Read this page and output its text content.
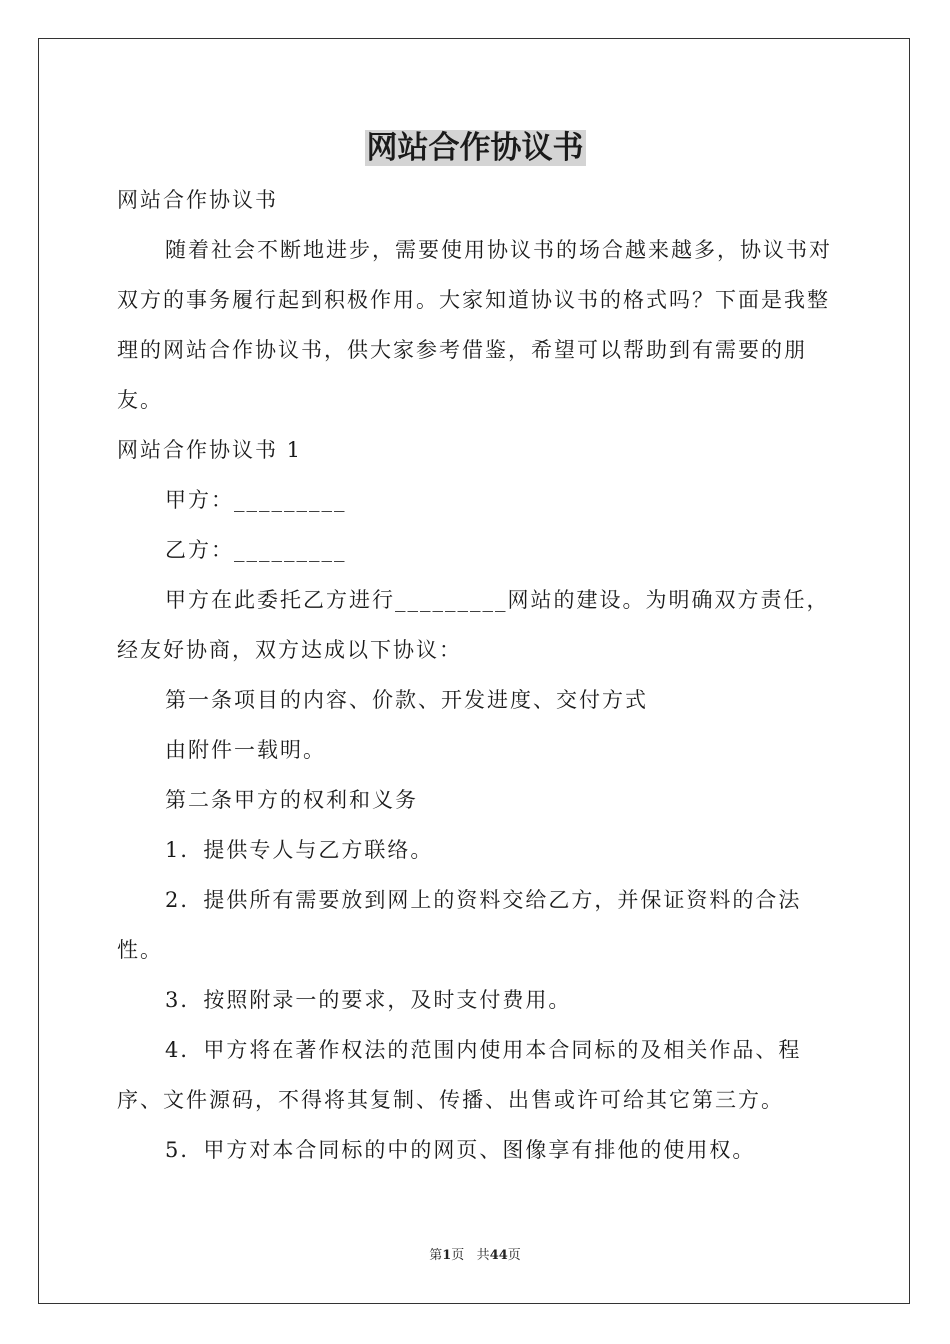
网站合作协议书

网站合作协议书

随着社会不断地进步，需要使用协议书的场合越来越多，协议书对双方的事务履行起到积极作用。大家知道协议书的格式吗？下面是我整理的网站合作协议书，供大家参考借鉴，希望可以帮助到有需要的朋友。

网站合作协议书 1

甲方：_________

乙方：_________

甲方在此委托乙方进行_________网站的建设。为明确双方责任，经友好协商，双方达成以下协议：

第一条项目的内容、价款、开发进度、交付方式

由附件一载明。

第二条甲方的权利和义务

1．提供专人与乙方联络。

2．提供所有需要放到网上的资料交给乙方，并保证资料的合法性。

3．按照附录一的要求，及时支付费用。

4．甲方将在著作权法的范围内使用本合同标的及相关作品、程序、文件源码，不得将其复制、传播、出售或许可给其它第三方。

5．甲方对本合同标的中的网页、图像享有排他的使用权。

第1页 共44页
